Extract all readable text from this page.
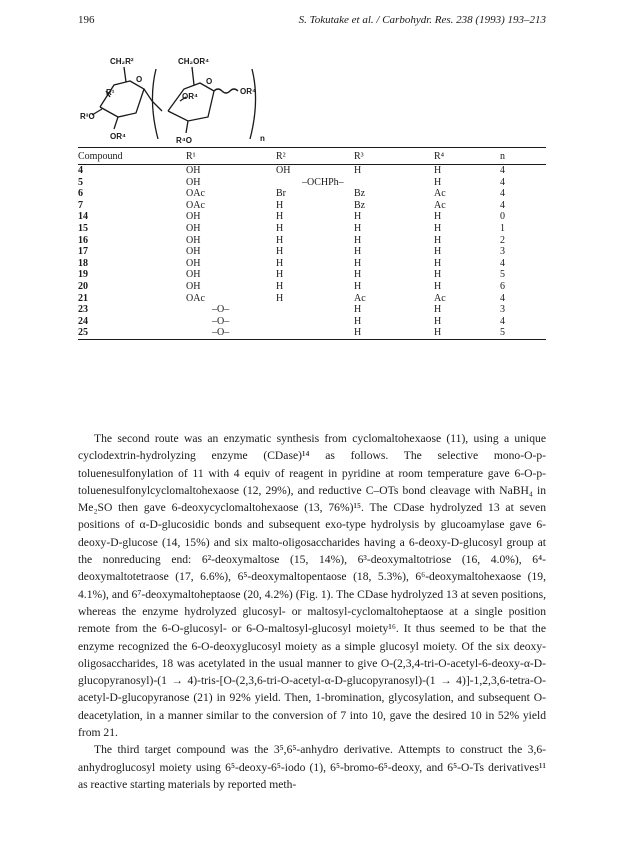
196	S. Tokutake et al. / Carbohydr. Res. 238 (1993) 193–213
CH₂R²	CH₂OR⁴
O	O
R¹	OR⁴
R³O
OR⁴	R⁴O	n
OR⁴
Compound	R¹	R²	R³	R⁴	n
4	OH	OH	H	H	4
5	OH	–OCHPh–		H	4
6	OAc	Br	Bz	Ac	4
7	OAc	H	Bz	Ac	4
14	OH	H	H	H	0
15	OH	H	H	H	1
16	OH	H	H	H	2
17	OH	H	H	H	3
18	OH	H	H	H	4
19	OH	H	H	H	5
20	OH	H	H	H	6
21	OAc	H	Ac	Ac	4
23	–O–		H	H	3
24	–O–		H	H	4
25	–O–		H	H	5

The second route was an enzymatic synthesis from cyclomaltohexaose (11), using a unique cyclodextrin-hydrolyzing enzyme (CDase)¹⁴ as follows. The selective mono-O-p-toluenesulfonylation of 11 with 4 equiv of reagent in pyridine at room temperature gave 6-O-p-toluenesulfonylcyclomaltohexaose (12, 29%), and reductive C–OTs bond cleavage with NaBH₄ in Me₂SO then gave 6-deoxycyclomaltohexaose (13, 76%)¹⁵. The CDase hydrolyzed 13 at seven positions of α-D-glucosidic bonds and subsequent exo-type hydrolysis by glucoamylase gave 6-deoxy-D-glucose (14, 15%) and six malto-oligosaccharides having a 6-deoxy-D-glucosyl group at the nonreducing end: 6²-deoxymaltose (15, 14%), 6³-deoxymaltotriose (16, 4.0%), 6⁴-deoxymaltotetraose (17, 6.6%), 6⁵-deoxymaltopentaose (18, 5.3%), 6⁶-deoxymaltohexaose (19, 4.1%), and 6⁷-deoxymaltoheptaose (20, 4.2%) (Fig. 1). The CDase hydrolyzed 13 at seven positions, whereas the enzyme hydrolyzed glucosyl- or maltosyl-cyclomaltoheptaose at a single position remote from the 6-O-glucosyl- or 6-O-maltosyl-glucosyl moiety¹⁶. It thus seemed to be that the enzyme recognized the 6-O-deoxyglucosyl moiety as a simple glucosyl moiety. Of the six deoxy-oligosaccharides, 18 was acetylated in the usual manner to give O-(2,3,4-tri-O-acetyl-6-deoxy-α-D-glucopyranosyl)-(1 → 4)-tris-[O-(2,3,6-tri-O-acetyl-α-D-glucopyranosyl)-(1 → 4)]-1,2,3,6-tetra-O-acetyl-D-glucopyranose (21) in 92% yield. Then, 1-bromination, glycosylation, and subsequent O-deacetylation, in a manner similar to the conversion of 7 into 10, gave the desired 10 in 52% yield from 21.

The third target compound was the 3⁵,6⁵-anhydro derivative. Attempts to construct the 3,6-anhydroglucosyl moiety using 6⁵-deoxy-6⁵-iodo (1), 6⁵-bromo-6⁵-deoxy, and 6⁵-O-Ts derivatives¹¹ as reactive starting materials by reported meth-
